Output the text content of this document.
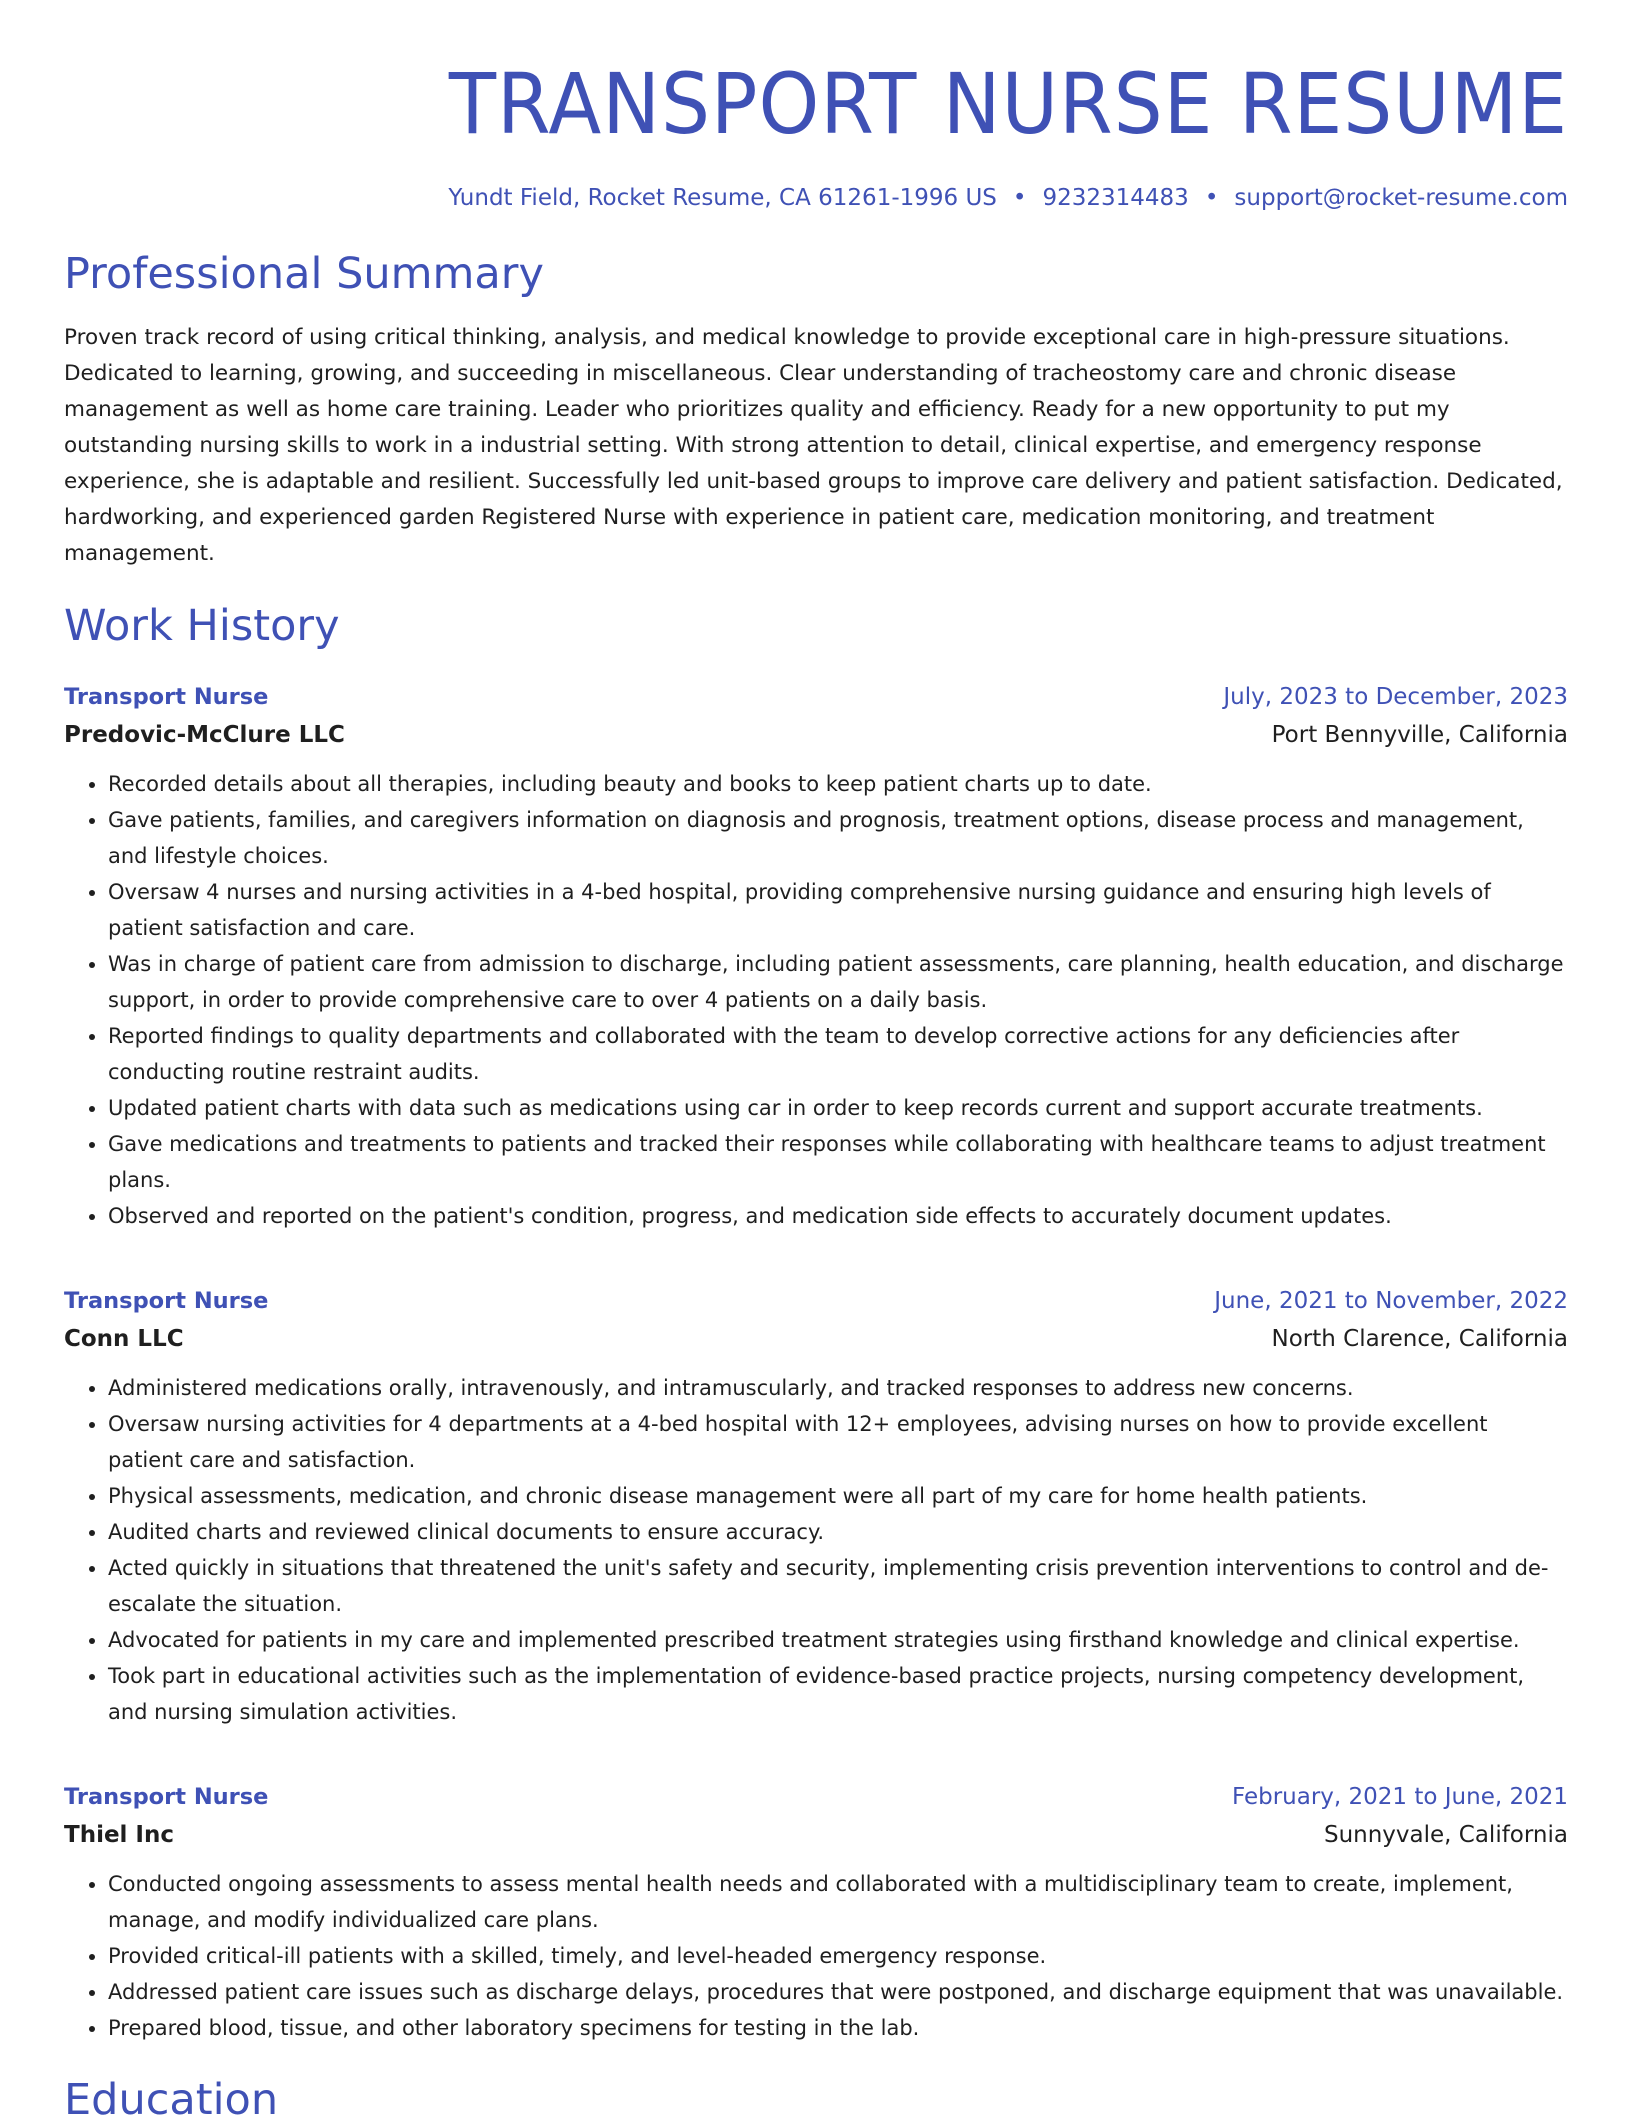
TRANSPORT NURSE RESUME
Yundt Field, Rocket Resume, CA 61261-1996 US • 9232314483 • support@rocket-resume.com
Professional Summary
Proven track record of using critical thinking, analysis, and medical knowledge to provide exceptional care in high-pressure situations. Dedicated to learning, growing, and succeeding in miscellaneous. Clear understanding of tracheostomy care and chronic disease management as well as home care training. Leader who prioritizes quality and efficiency. Ready for a new opportunity to put my outstanding nursing skills to work in a industrial setting. With strong attention to detail, clinical expertise, and emergency response experience, she is adaptable and resilient. Successfully led unit-based groups to improve care delivery and patient satisfaction. Dedicated, hardworking, and experienced garden Registered Nurse with experience in patient care, medication monitoring, and treatment management.
Work History
Transport Nurse	July, 2023 to December, 2023
Predovic-McClure LLC	Port Bennyville, California
• Recorded details about all therapies, including beauty and books to keep patient charts up to date.
• Gave patients, families, and caregivers information on diagnosis and prognosis, treatment options, disease process and management, and lifestyle choices.
• Oversaw 4 nurses and nursing activities in a 4-bed hospital, providing comprehensive nursing guidance and ensuring high levels of patient satisfaction and care.
• Was in charge of patient care from admission to discharge, including patient assessments, care planning, health education, and discharge support, in order to provide comprehensive care to over 4 patients on a daily basis.
• Reported findings to quality departments and collaborated with the team to develop corrective actions for any deficiencies after conducting routine restraint audits.
• Updated patient charts with data such as medications using car in order to keep records current and support accurate treatments.
• Gave medications and treatments to patients and tracked their responses while collaborating with healthcare teams to adjust treatment plans.
• Observed and reported on the patient's condition, progress, and medication side effects to accurately document updates.
Transport Nurse	June, 2021 to November, 2022
Conn LLC	North Clarence, California
• Administered medications orally, intravenously, and intramuscularly, and tracked responses to address new concerns.
• Oversaw nursing activities for 4 departments at a 4-bed hospital with 12+ employees, advising nurses on how to provide excellent patient care and satisfaction.
• Physical assessments, medication, and chronic disease management were all part of my care for home health patients.
• Audited charts and reviewed clinical documents to ensure accuracy.
• Acted quickly in situations that threatened the unit's safety and security, implementing crisis prevention interventions to control and de-escalate the situation.
• Advocated for patients in my care and implemented prescribed treatment strategies using firsthand knowledge and clinical expertise.
• Took part in educational activities such as the implementation of evidence-based practice projects, nursing competency development, and nursing simulation activities.
Transport Nurse	February, 2021 to June, 2021
Thiel Inc	Sunnyvale, California
• Conducted ongoing assessments to assess mental health needs and collaborated with a multidisciplinary team to create, implement, manage, and modify individualized care plans.
• Provided critical-ill patients with a skilled, timely, and level-headed emergency response.
• Addressed patient care issues such as discharge delays, procedures that were postponed, and discharge equipment that was unavailable.
• Prepared blood, tissue, and other laboratory specimens for testing in the lab.
Education
